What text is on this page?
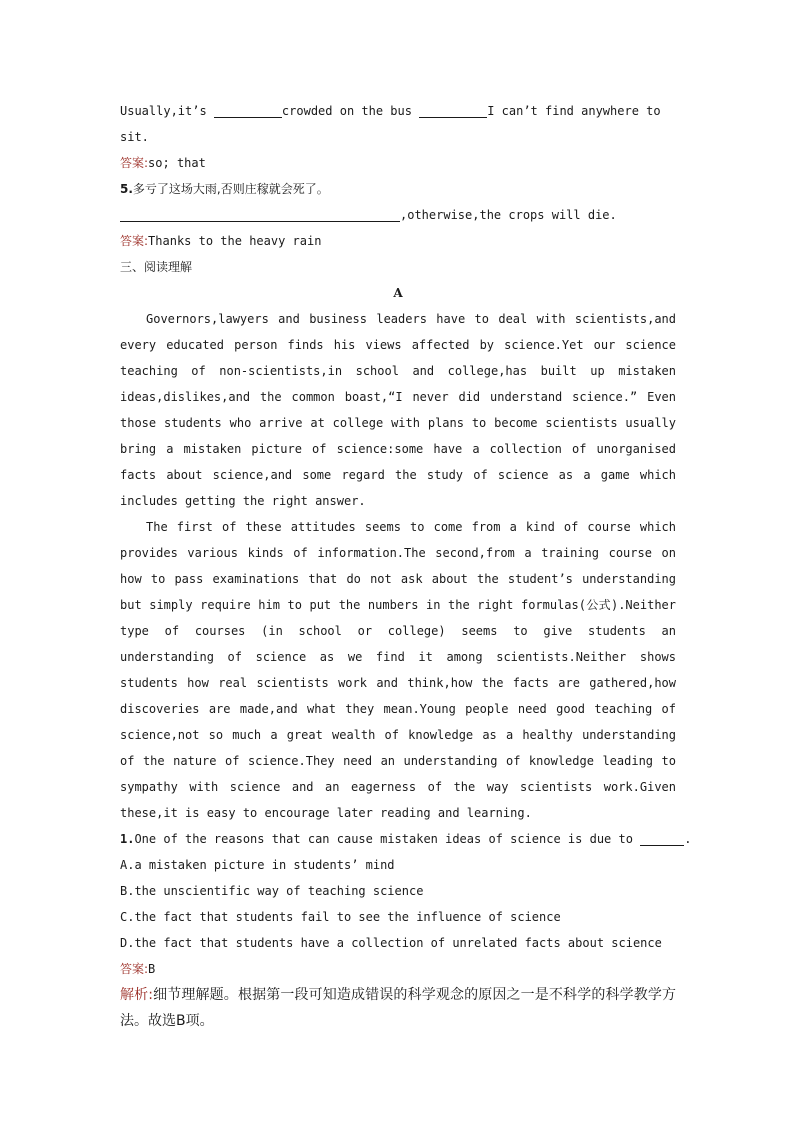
Usually,it’s	crowded on the bus	I can’t find anywhere to
sit.
答案:so; that
5.多亏了这场大雨,否则庄稼就会死了。
,otherwise,the crops will die.
答案:Thanks to the heavy rain
三、阅读理解
A
Governors,lawyers and business leaders have to deal with scientists,and every educated person finds his views affected by science.Yet our science teaching of non-scientists,in school and college,has built up mistaken ideas,dislikes,and the common boast,“I never did understand science.” Even those students who arrive at college with plans to become scientists usually bring a mistaken picture of science:some have a collection of unorganised facts about science,and some regard the study of science as a game which includes getting the right answer.
The first of these attitudes seems to come from a kind of course which provides various kinds of information.The second,from a training course on how to pass examinations that do not ask about the student’s understanding but simply require him to put the numbers in the right formulas(公式).Neither type of courses (in school or college) seems to give students an understanding of science as we find it among scientists.Neither shows students how real scientists work and think,how the facts are gathered,how discoveries are made,and what they mean.Young people need good teaching of science,not so much a great wealth of knowledge as a healthy understanding of the nature of science.They need an understanding of knowledge leading to sympathy with science and an eagerness of the way scientists work.Given these,it is easy to encourage later reading and learning.
1.One of the reasons that can cause mistaken ideas of science is due to	.
A.a mistaken picture in students’ mind
B.the unscientific way of teaching science
C.the fact that students fail to see the influence of science
D.the fact that students have a collection of unrelated facts about science
答案:B
解析:细节理解题。根据第一段可知造成错误的科学观念的原因之一是不科学的科学教学方法。故选B项。
